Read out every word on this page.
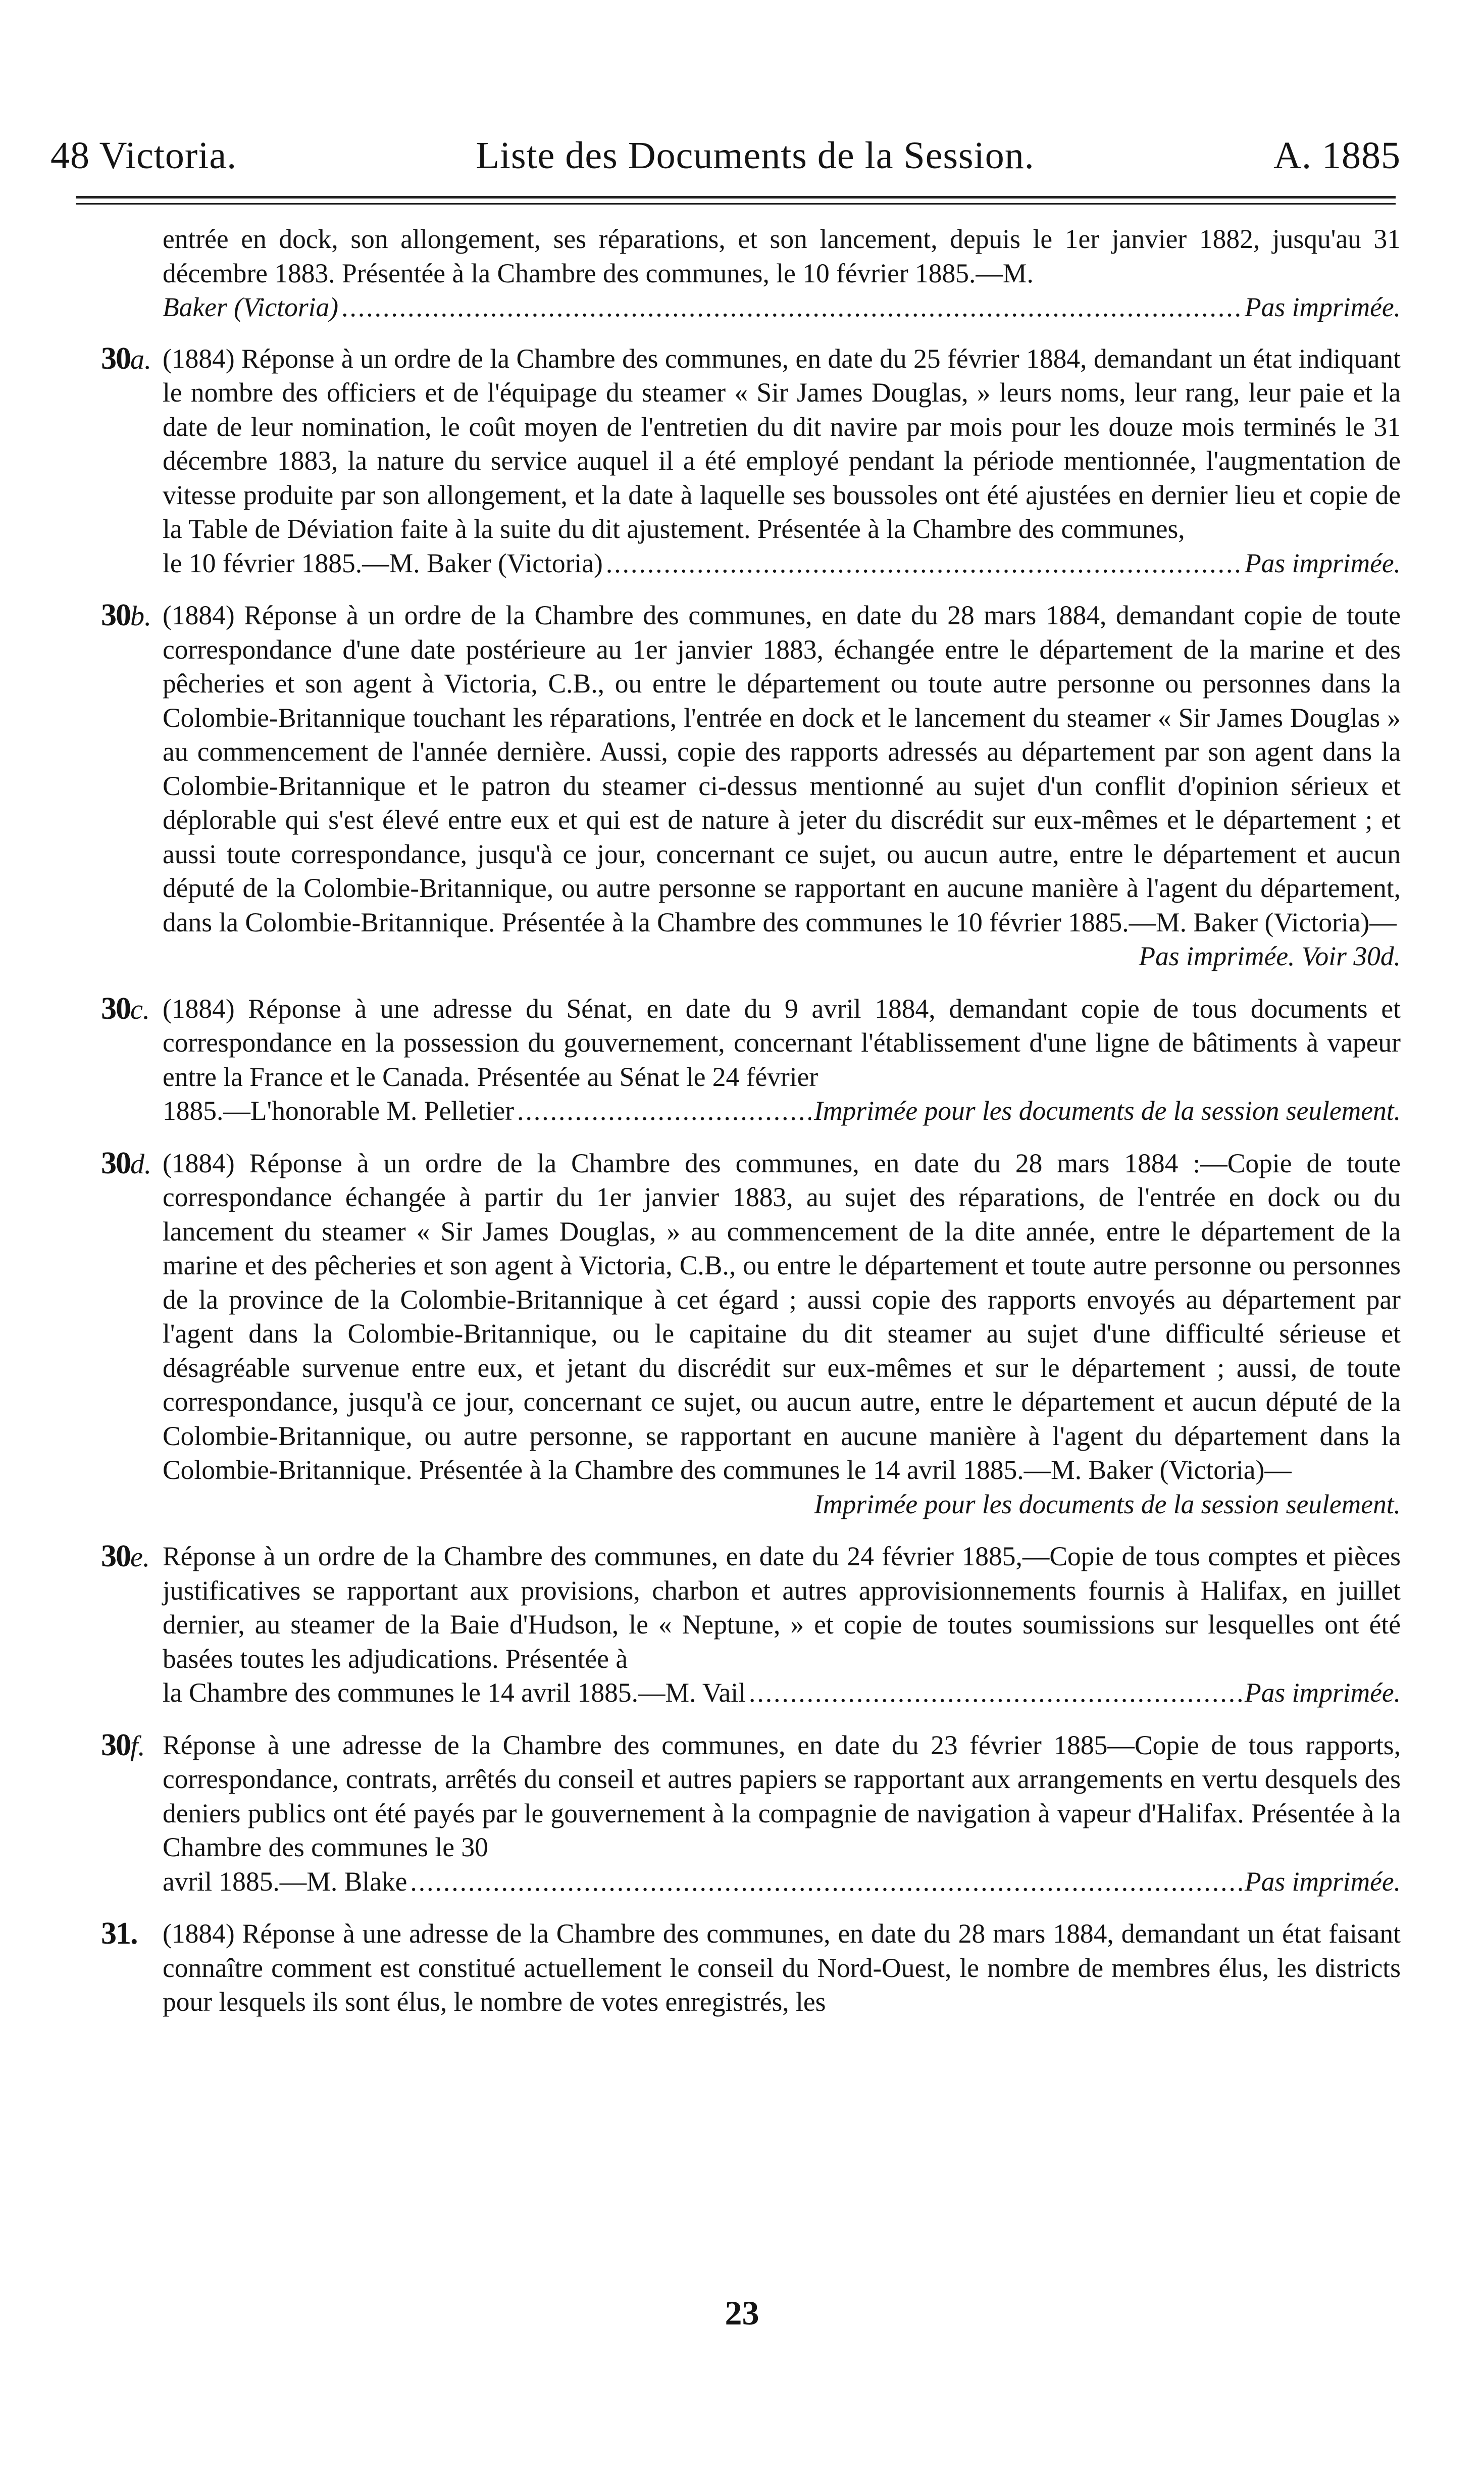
48 Victoria.	Liste des Documents de la Session.	A. 1885
entrée en dock, son allongement, ses réparations, et son lancement, depuis le 1er janvier 1882, jusqu'au 31 décembre 1883. Présentée à la Chambre des communes, le 10 février 1885.—M.
Baker (Victoria) .....	Pas imprimée.
30a. (1884) Réponse à un ordre de la Chambre des communes, en date du 25 février 1884, demandant un état indiquant le nombre des officiers et de l'équipage du steamer « Sir James Douglas, » leurs noms, leur rang, leur paie et la date de leur nomination, le coût moyen de l'entretien du dit navire par mois pour les douze mois terminés le 31 décembre 1883, la nature du service auquel il a été employé pendant la période mentionnée, l'augmentation de vitesse produite par son allongement, et la date à laquelle ses boussoles ont été ajustées en dernier lieu et copie de la Table de Déviation faite à la suite du dit ajustement. Présentée à la Chambre des communes,
le 10 février 1885.—M. Baker (Victoria) .....	Pas imprimée.
30b. (1884) Réponse à un ordre de la Chambre des communes, en date du 28 mars 1884, demandant copie de toute correspondance d'une date postérieure au 1er janvier 1883, échangée entre le département de la marine et des pêcheries et son agent à Victoria, C.B., ou entre le département ou toute autre personne ou personnes dans la Colombie-Britannique touchant les réparations, l'entrée en dock et le lancement du steamer « Sir James Douglas » au commencement de l'année dernière. Aussi, copie des rapports adressés au département par son agent dans la Colombie-Britannique et le patron du steamer ci-dessus mentionné au sujet d'un conflit d'opinion sérieux et déplorable qui s'est élevé entre eux et qui est de nature à jeter du discrédit sur eux-mêmes et le département ; et aussi toute correspondance, jusqu'à ce jour, concernant ce sujet, ou aucun autre, entre le département et aucun député de la Colombie-Britannique, ou autre personne se rapportant en aucune manière à l'agent du département, dans la Colombie-Britannique. Présentée à la Chambre des communes le 10 février 1885.—M. Baker (Victoria)—
Pas imprimée. Voir 30d.
30c. (1884) Réponse à une adresse du Sénat, en date du 9 avril 1884, demandant copie de tous documents et correspondance en la possession du gouvernement, concernant l'établissement d'une ligne de bâtiments à vapeur entre la France et le Canada. Présentée au Sénat le 24 février
1885.—L'honorable M. Pelletier .....	Imprimée pour les documents de la session seulement.
30d. (1884) Réponse à un ordre de la Chambre des communes, en date du 28 mars 1884 :—Copie de toute correspondance échangée à partir du 1er janvier 1883, au sujet des réparations, de l'entrée en dock ou du lancement du steamer « Sir James Douglas, » au commencement de la dite année, entre le département de la marine et des pêcheries et son agent à Victoria, C.B., ou entre le département et toute autre personne ou personnes de la province de la Colombie-Britannique à cet égard ; aussi copie des rapports envoyés au département par l'agent dans la Colombie-Britannique, ou le capitaine du dit steamer au sujet d'une difficulté sérieuse et désagréable survenue entre eux, et jetant du discrédit sur eux-mêmes et sur le département ; aussi, de toute correspondance, jusqu'à ce jour, concernant ce sujet, ou aucun autre, entre le département et aucun député de la Colombie-Britannique, ou autre personne, se rapportant en aucune manière à l'agent du département dans la Colombie-Britannique. Présentée à la Chambre des communes le 14 avril 1885.—M. Baker (Victoria)—
Imprimée pour les documents de la session seulement.
30e. Réponse à un ordre de la Chambre des communes, en date du 24 février 1885,—Copie de tous comptes et pièces justificatives se rapportant aux provisions, charbon et autres approvisionnements fournis à Halifax, en juillet dernier, au steamer de la Baie d'Hudson, le « Neptune, » et copie de toutes soumissions sur lesquelles ont été basées toutes les adjudications. Présentée à
la Chambre des communes le 14 avril 1885.—M. Vail .....	Pas imprimée.
30f. Réponse à une adresse de la Chambre des communes, en date du 23 février 1885—Copie de tous rapports, correspondance, contrats, arrêtés du conseil et autres papiers se rapportant aux arrangements en vertu desquels des deniers publics ont été payés par le gouvernement à la compagnie de navigation à vapeur d'Halifax. Présentée à la Chambre des communes le 30
avril 1885.—M. Blake .....	Pas imprimée.
31. (1884) Réponse à une adresse de la Chambre des communes, en date du 28 mars 1884, demandant un état faisant connaître comment est constitué actuellement le conseil du Nord-Ouest, le nombre de membres élus, les districts pour lesquels ils sont élus, le nombre de votes enregistrés, les
23
